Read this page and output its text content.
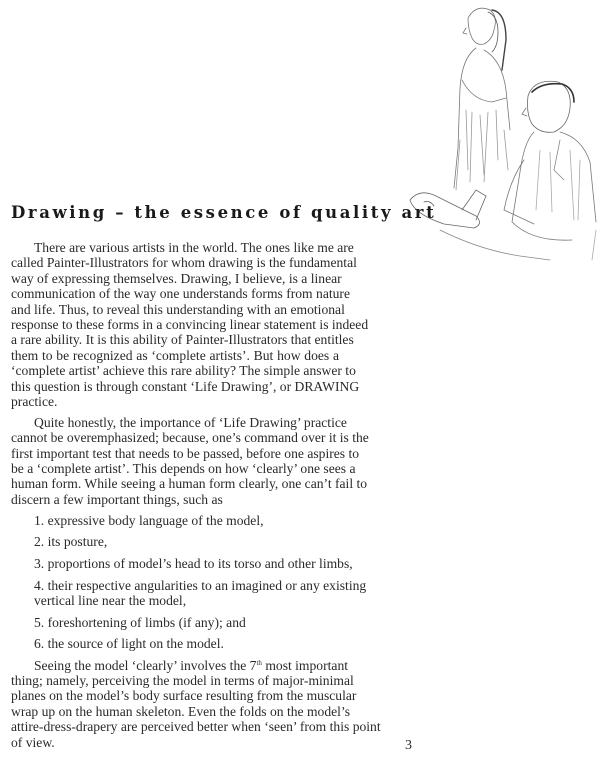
Drawing – the essence of quality art
There are various artists in the world. The ones like me are
called Painter-Illustrators for whom drawing is the fundamental
way of expressing themselves. Drawing, I believe, is a linear
communication of the way one understands forms from nature
and life. Thus, to reveal this understanding with an emotional
response to these forms in a convincing linear statement is indeed
a rare ability. It is this ability of Painter-Illustrators that entitles
them to be recognized as ‘complete artists’. But how does a
‘complete artist’ achieve this rare ability? The simple answer to
this question is through constant ‘Life Drawing’, or DRAWING
practice.
Quite honestly, the importance of ‘Life Drawing’ practice
cannot be overemphasized; because, one’s command over it is the
first important test that needs to be passed, before one aspires to
be a ‘complete artist’. This depends on how ‘clearly’ one sees a
human form. While seeing a human form clearly, one can’t fail to
discern a few important things, such as
1. expressive body language of the model,
2. its posture,
3. proportions of model’s head to its torso and other limbs,
4. their respective angularities to an imagined or any existing
vertical line near the model,
5. foreshortening of limbs (if any); and
6. the source of light on the model.
Seeing the model ‘clearly’ involves the 7th most important
thing; namely, perceiving the model in terms of major-minimal
planes on the model’s body surface resulting from the muscular
wrap up on the human skeleton. Even the folds on the model’s
attire-dress-drapery are perceived better when ‘seen’ from this point
of view.	3
